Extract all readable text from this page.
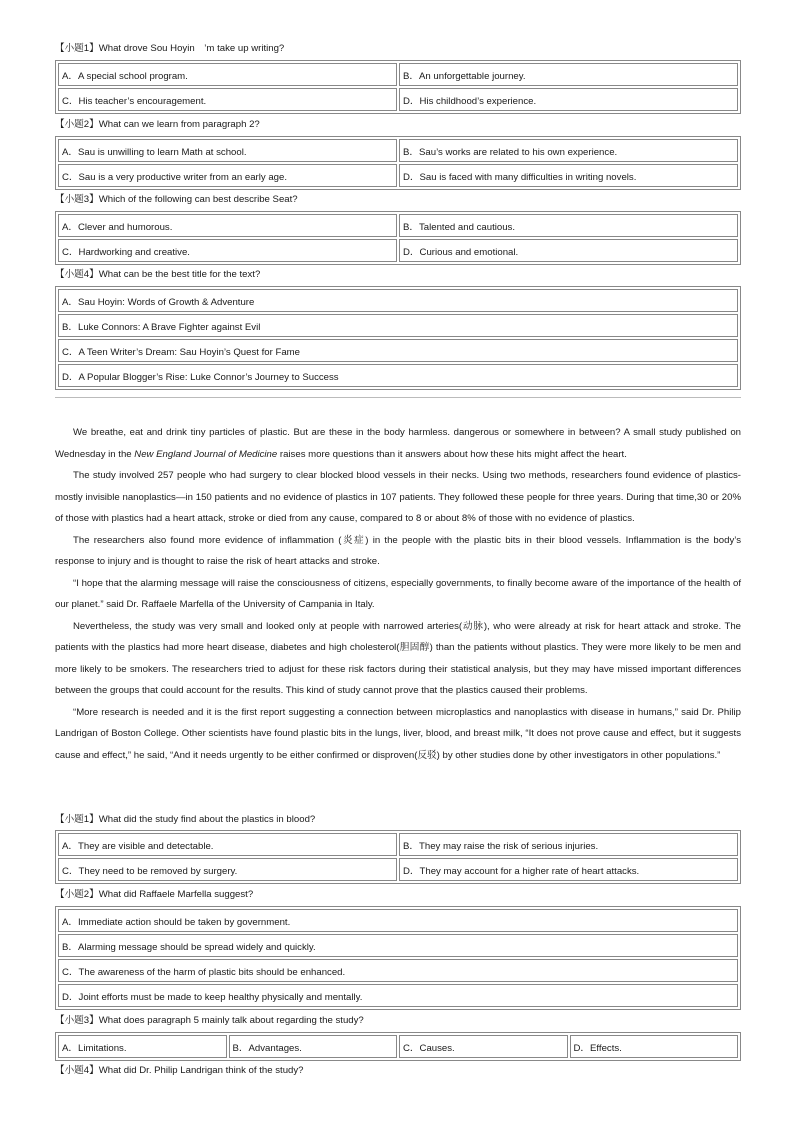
【小题1】What drove Sou Hoyin　’m take up writing?
A．A special school program.	B．An unforgettable journey.
C．His teacher’s encouragement.	D．His childhood’s experience.
【小题2】What can we learn from paragraph 2?
A．Sau is unwilling to learn Math at school.	B．Sau’s works are related to his own experience.
C．Sau is a very productive writer from an early age.	D．Sau is faced with many difficulties in writing novels.
【小题3】Which of the following can best describe Seat?
A．Clever and humorous.	B．Talented and cautious.
C．Hardworking and creative.	D．Curious and emotional.
【小题4】What can be the best title for the text?
A．Sau Hoyin: Words of Growth & Adventure
B．Luke Connors: A Brave Fighter against Evil
C．A Teen Writer’s Dream: Sau Hoyin’s Quest for Fame
D．A Popular Blogger’s Rise: Luke Connor’s Journey to Success

We breathe, eat and drink tiny particles of plastic. But are these in the body harmless. dangerous or somewhere in between? A small study published on Wednesday in the New England Journal of Medicine raises more questions than it answers about how these hits might affect the heart.

The study involved 257 people who had surgery to clear blocked blood vessels in their necks. Using two methods, researchers found evidence of plastics-mostly invisible nanoplastics—in 150 patients and no evidence of plastics in 107 patients. They followed these people for three years. During that time,30 or 20% of those with plastics had a heart attack, stroke or died from any cause, compared to 8 or about 8% of those with no evidence of plastics.

The researchers also found more evidence of inflammation (炎症) in the people with the plastic bits in their blood vessels. Inflammation is the body’s response to injury and is thought to raise the risk of heart attacks and stroke.

“I hope that the alarming message will raise the consciousness of citizens, especially governments, to finally become aware of the importance of the health of our planet.” said Dr. Raffaele Marfella of the University of Campania in Italy.

Nevertheless, the study was very small and looked only at people with narrowed arteries(动脉), who were already at risk for heart attack and stroke. The patients with the plastics had more heart disease, diabetes and high cholesterol(胆固醇) than the patients without plastics. They were more likely to be men and more likely to be smokers. The researchers tried to adjust for these risk factors during their statistical analysis, but they may have missed important differences between the groups that could account for the results. This kind of study cannot prove that the plastics caused their problems.

“More research is needed and it is the first report suggesting a connection between microplastics and nanoplastics with disease in humans,” said Dr. Philip Landrigan of Boston College. Other scientists have found plastic bits in the lungs, liver, blood, and breast milk, “It does not prove cause and effect, but it suggests cause and effect,” he said, “And it needs urgently to be either confirmed or disproven(反驳) by other studies done by other investigators in other populations.”

【小题1】What did the study find about the plastics in blood?
A．They are visible and detectable.	B．They may raise the risk of serious injuries.
C．They need to be removed by surgery.	D．They may account for a higher rate of heart attacks.
【小题2】What did Raffaele Marfella suggest?
A．Immediate action should be taken by government.
B．Alarming message should be spread widely and quickly.
C．The awareness of the harm of plastic bits should be enhanced.
D．Joint efforts must be made to keep healthy physically and mentally.
【小题3】What does paragraph 5 mainly talk about regarding the study?
A．Limitations.	B．Advantages.	C．Causes.	D．Effects.
【小题4】What did Dr. Philip Landrigan think of the study?
